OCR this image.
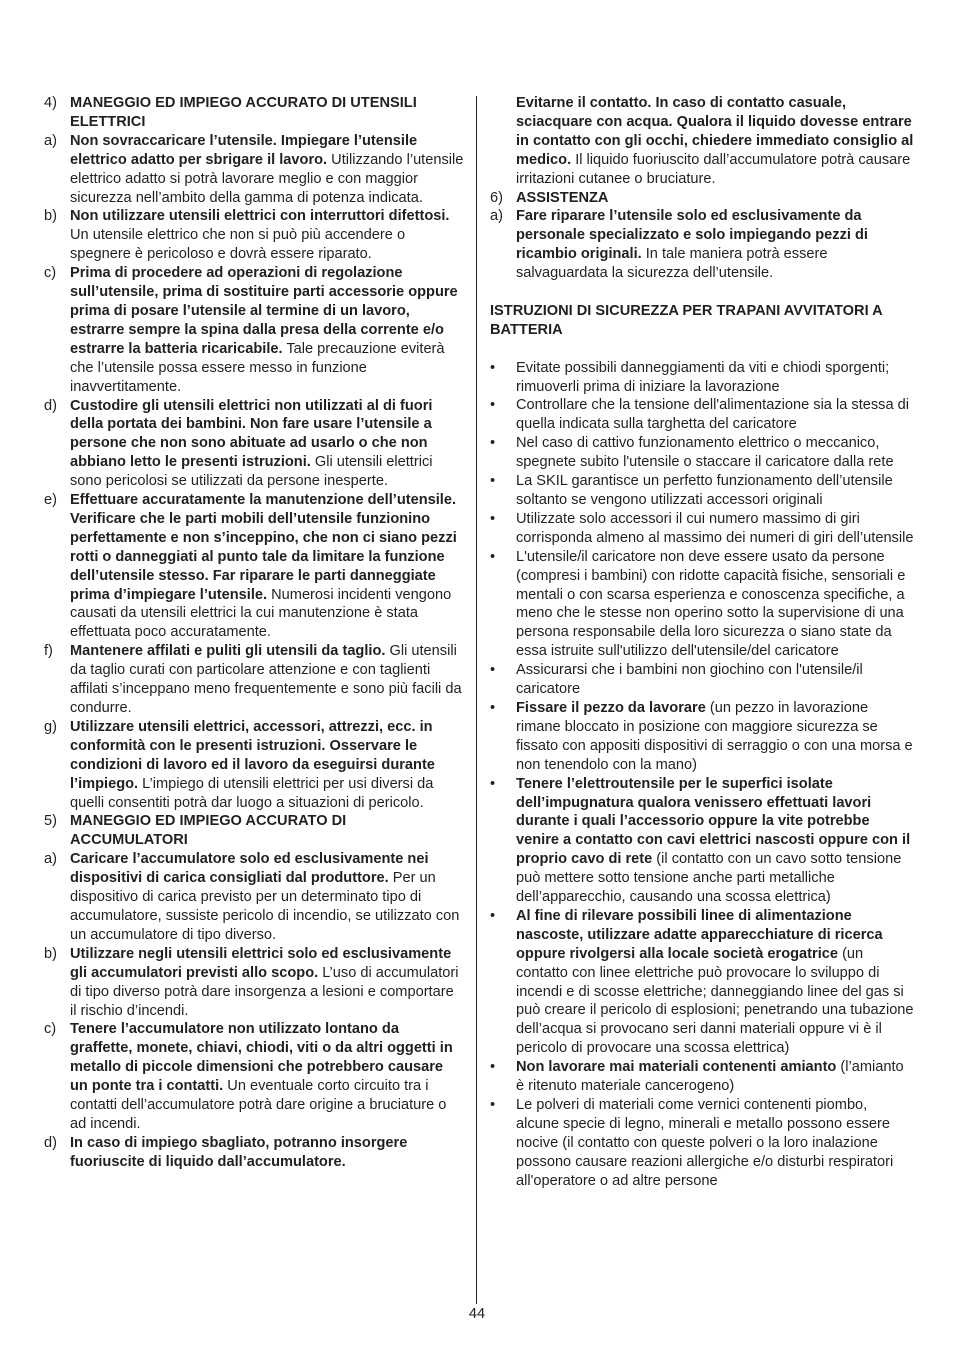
4) MANEGGIO ED IMPIEGO ACCURATO DI UTENSILI ELETTRICI
a) Non sovraccaricare l’utensile. Impiegare l’utensile elettrico adatto per sbrigare il lavoro. Utilizzando l’utensile elettrico adatto si potrà lavorare meglio e con maggior sicurezza nell’ambito della gamma di potenza indicata.
b) Non utilizzare utensili elettrici con interruttori difettosi. Un utensile elettrico che non si può più accendere o spegnere è pericoloso e dovrà essere riparato.
c) Prima di procedere ad operazioni di regolazione sull’utensile, prima di sostituire parti accessorie oppure prima di posare l’utensile al termine di un lavoro, estrarre sempre la spina dalla presa della corrente e/o estrarre la batteria ricaricabile. Tale precauzione eviterà che l’utensile possa essere messo in funzione inavvertitamente.
d) Custodire gli utensili elettrici non utilizzati al di fuori della portata dei bambini. Non fare usare l’utensile a persone che non sono abituate ad usarlo o che non abbiano letto le presenti istruzioni. Gli utensili elettrici sono pericolosi se utilizzati da persone inesperte.
e) Effettuare accuratamente la manutenzione dell’utensile. Verificare che le parti mobili dell’utensile funzionino perfettamente e non s’inceppino, che non ci siano pezzi rotti o danneggiati al punto tale da limitare la funzione dell’utensile stesso. Far riparare le parti danneggiate prima d’impiegare l’utensile. Numerosi incidenti vengono causati da utensili elettrici la cui manutenzione è stata effettuata poco accuratamente.
f)	Mantenere affilati e puliti gli utensili da taglio. Gli utensili da taglio curati con particolare attenzione e con taglienti affilati s’inceppano meno frequentemente e sono più facili da condurre.
g) Utilizzare utensili elettrici, accessori, attrezzi, ecc. in conformità con le presenti istruzioni. Osservare le condizioni di lavoro ed il lavoro da eseguirsi durante l’impiego. L’impiego di utensili elettrici per usi diversi da quelli consentiti potrà dar luogo a situazioni di pericolo.
5) MANEGGIO ED IMPIEGO ACCURATO DI ACCUMULATORI
a) Caricare l’accumulatore solo ed esclusivamente nei dispositivi di carica consigliati dal produttore. Per un dispositivo di carica previsto per un determinato tipo di accumulatore, sussiste pericolo di incendio, se utilizzato con un accumulatore di tipo diverso.
b) Utilizzare negli utensili elettrici solo ed esclusivamente gli accumulatori previsti allo scopo. L’uso di accumulatori di tipo diverso potrà dare insorgenza a lesioni e comportare il rischio d’incendi.
c) Tenere l’accumulatore non utilizzato lontano da graffette, monete, chiavi, chiodi, viti o da altri oggetti in metallo di piccole dimensioni che potrebbero causare un ponte tra i contatti. Un eventuale corto circuito tra i contatti dell’accumulatore potrà dare origine a bruciature o ad incendi.
d) In caso di impiego sbagliato, potranno insorgere fuoriuscite di liquido dall’accumulatore.
Evitarne il contatto. In caso di contatto casuale, sciacquare con acqua. Qualora il liquido dovesse entrare in contatto con gli occhi, chiedere immediato consiglio al medico. Il liquido fuoriuscito dall’accumulatore potrà causare irritazioni cutanee o bruciature.
6) ASSISTENZA
a) Fare riparare l’utensile solo ed esclusivamente da personale specializzato e solo impiegando pezzi di ricambio originali. In tale maniera potrà essere salvaguardata la sicurezza dell’utensile.
ISTRUZIONI DI SICUREZZA PER TRAPANI AVVITATORI A BATTERIA
•	Evitate possibili danneggiamenti da viti e chiodi sporgenti; rimuoverli prima di iniziare la lavorazione
•	Controllare che la tensione dell'alimentazione sia la stessa di quella indicata sulla targhetta del caricatore
•	Nel caso di cattivo funzionamento elettrico o meccanico, spegnete subito l'utensile o staccare il caricatore dalla rete
•	La SKIL garantisce un perfetto funzionamento dell’utensile soltanto se vengono utilizzati accessori originali
•	Utilizzate solo accessori il cui numero massimo di giri corrisponda almeno al massimo dei numeri di giri dell’utensile
•	L'utensile/il caricatore non deve essere usato da persone (compresi i bambini) con ridotte capacità fisiche, sensoriali e mentali o con scarsa esperienza e conoscenza specifiche, a meno che le stesse non operino sotto la supervisione di una persona responsabile della loro sicurezza o siano state da essa istruite sull'utilizzo dell'utensile/del caricatore
•	Assicurarsi che i bambini non giochino con l'utensile/il caricatore
•	Fissare il pezzo da lavorare (un pezzo in lavorazione rimane bloccato in posizione con maggiore sicurezza se fissato con appositi dispositivi di serraggio o con una morsa e non tenendolo con la mano)
•	Tenere l’elettroutensile per le superfici isolate dell’impugnatura qualora venissero effettuati lavori durante i quali l’accessorio oppure la vite potrebbe venire a contatto con cavi elettrici nascosti oppure con il proprio cavo di rete (il contatto con un cavo sotto tensione può mettere sotto tensione anche parti metalliche dell’apparecchio, causando una scossa elettrica)
•	Al fine di rilevare possibili linee di alimentazione nascoste, utilizzare adatte apparecchiature di ricerca oppure rivolgersi alla locale società erogatrice (un contatto con linee elettriche può provocare lo sviluppo di incendi e di scosse elettriche; danneggiando linee del gas si può creare il pericolo di esplosioni; penetrando una tubazione dell’acqua si provocano seri danni materiali oppure vi è il pericolo di provocare una scossa elettrica)
•	Non lavorare mai materiali contenenti amianto (l’amianto è ritenuto materiale cancerogeno)
•	Le polveri di materiali come vernici contenenti piombo, alcune specie di legno, minerali e metallo possono essere nocive (il contatto con queste polveri o la loro inalazione possono causare reazioni allergiche e/o disturbi respiratori all'operatore o ad altre persone
44
